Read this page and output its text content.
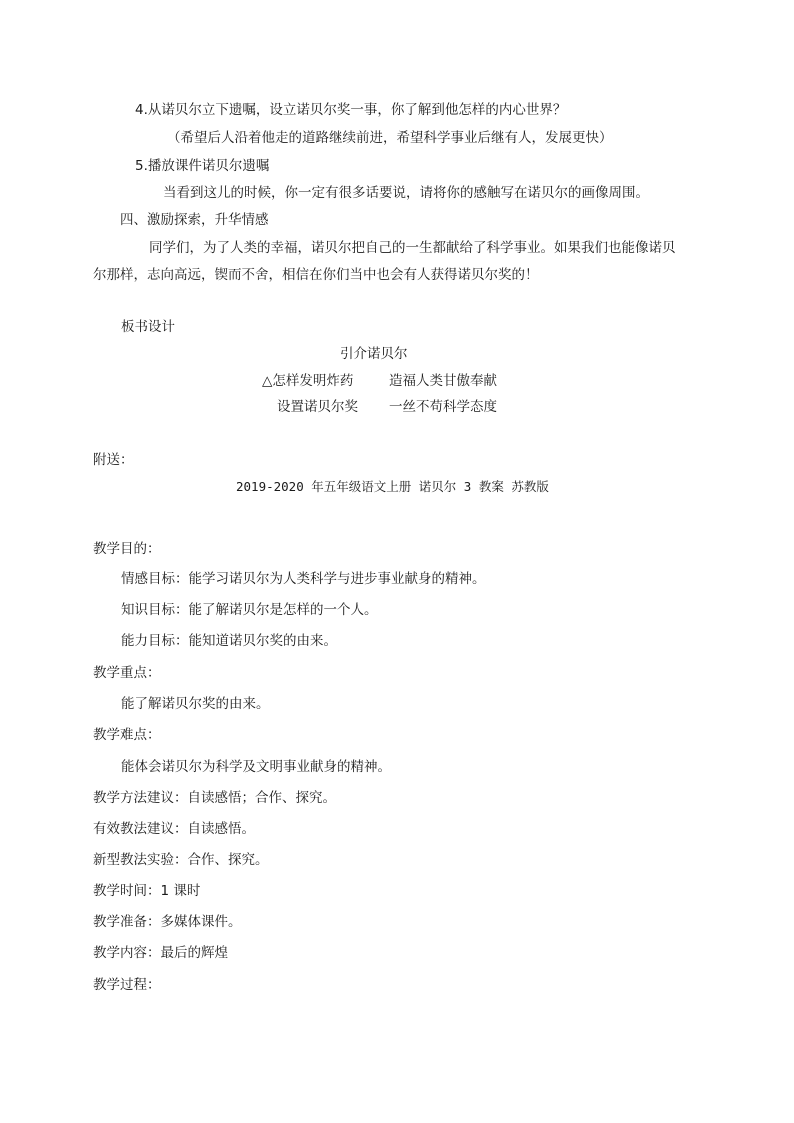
4.从诺贝尔立下遗嘱，设立诺贝尔奖一事，你了解到他怎样的内心世界？
（希望后人沿着他走的道路继续前进，希望科学事业后继有人，发展更快）
5.播放课件诺贝尔遗嘱
当看到这儿的时候，你一定有很多话要说，请将你的感触写在诺贝尔的画像周围。
四、激励探索，升华情感
同学们，为了人类的幸福，诺贝尔把自己的一生都献给了科学事业。如果我们也能像诺贝
尔那样，志向高远，锲而不舍，相信在你们当中也会有人获得诺贝尔奖的！
板书设计
引介诺贝尔
△怎样发明炸药	造福人类甘傲奉献
设置诺贝尔奖 一丝不苟科学态度
附送：
2019-2020 年五年级语文上册 诺贝尔 3 教案 苏教版
教学目的：
情感目标：能学习诺贝尔为人类科学与进步事业献身的精神。
知识目标：能了解诺贝尔是怎样的一个人。
能力目标：能知道诺贝尔奖的由来。
教学重点：
能了解诺贝尔奖的由来。
教学难点：
能体会诺贝尔为科学及文明事业献身的精神。
教学方法建议：自读感悟；合作、探究。
有效教法建议：自读感悟。
新型教法实验：合作、探究。
教学时间：1 课时
教学准备：多媒体课件。
教学内容：最后的辉煌
教学过程：
